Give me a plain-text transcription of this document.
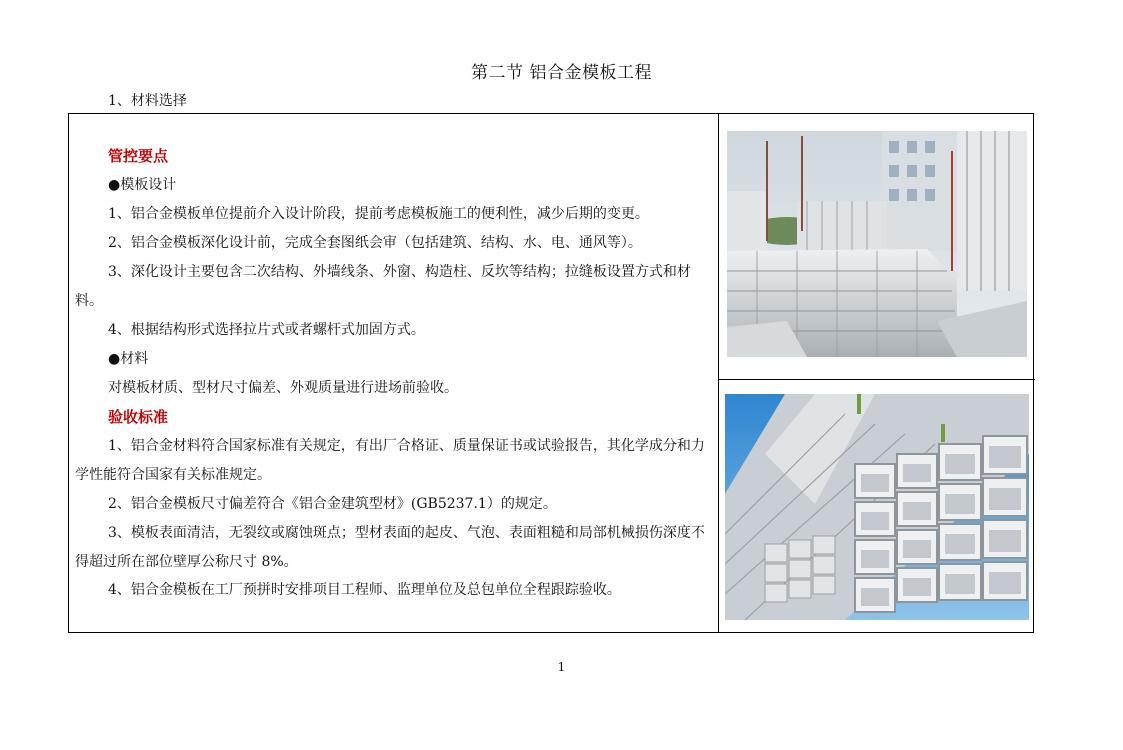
第二节 铝合金模板工程
1、材料选择

管控要点

●模板设计

1、铝合金模板单位提前介入设计阶段，提前考虑模板施工的便利性，减少后期的变更。

2、铝合金模板深化设计前，完成全套图纸会审（包括建筑、结构、水、电、通风等）。

3、深化设计主要包含二次结构、外墙线条、外窗、构造柱、反坎等结构；拉缝板设置方式和材料。

4、根据结构形式选择拉片式或者螺杆式加固方式。

●材料

对模板材质、型材尺寸偏差、外观质量进行进场前验收。

验收标准

1、铝合金材料符合国家标准有关规定，有出厂合格证、质量保证书或试验报告，其化学成分和力学性能符合国家有关标准规定。

2、铝合金模板尺寸偏差符合《铝合金建筑型材》(GB5237.1）的规定。

3、模板表面清洁，无裂纹或腐蚀斑点；型材表面的起皮、气泡、表面粗糙和局部机械损伤深度不得超过所在部位壁厚公称尺寸 8%。

4、铝合金模板在工厂预拼时安排项目工程师、监理单位及总包单位全程跟踪验收。

1
